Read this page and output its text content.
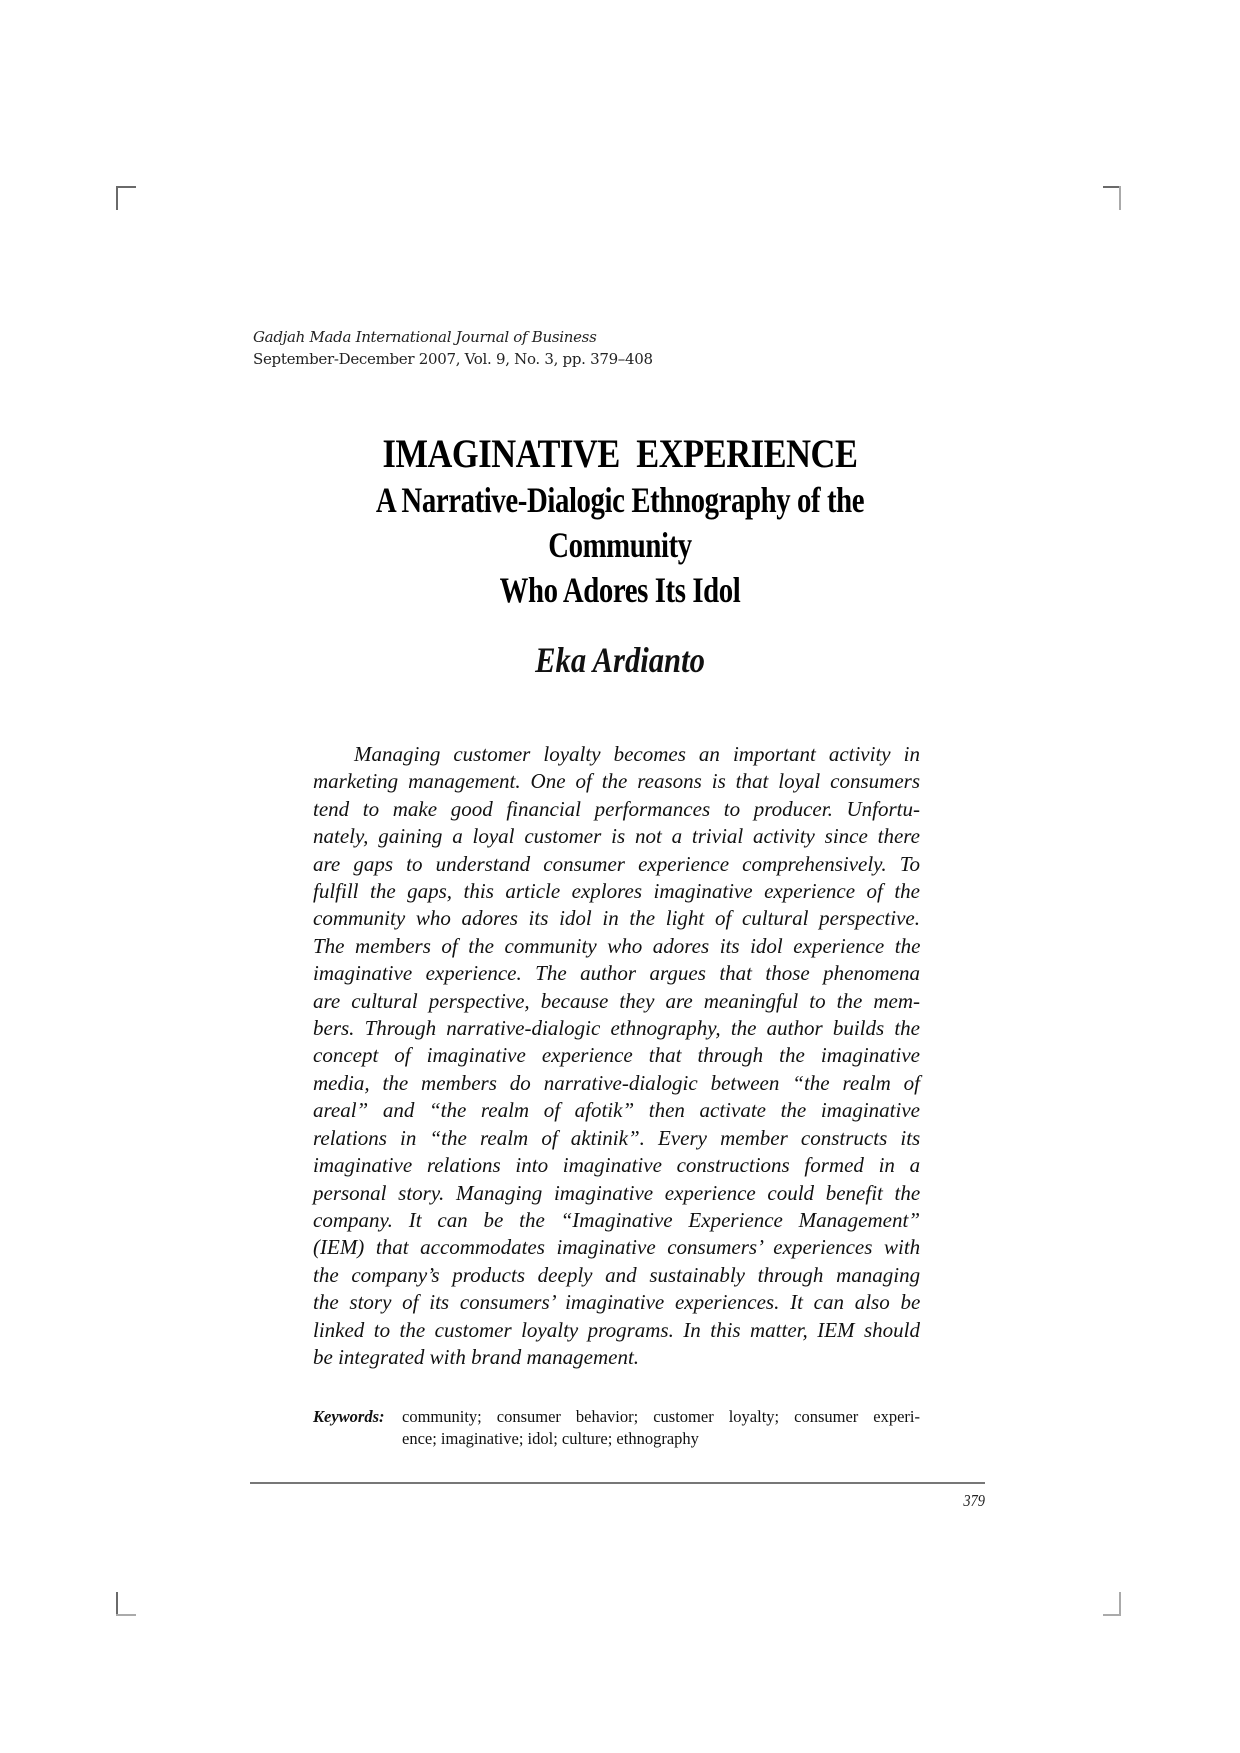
Gadjah Mada International Journal of Business
September-December 2007, Vol. 9, No. 3, pp. 379–408
IMAGINATIVE  EXPERIENCE
A Narrative-Dialogic Ethnography of the Community
Who Adores Its Idol
Eka Ardianto
Managing customer loyalty becomes an important activity in
marketing management. One of the reasons is that loyal consumers
tend to make good financial performances to producer. Unfortu-
nately, gaining a loyal customer is not a trivial activity since there
are gaps to understand consumer experience comprehensively. To
fulfill the gaps, this article explores imaginative experience of the
community who adores its idol in the light of cultural perspective.
The members of the community who adores its idol experience the
imaginative experience. The author argues that those phenomena
are cultural perspective, because they are meaningful to the mem-
bers. Through narrative-dialogic ethnography, the author builds the
concept of imaginative experience that through the imaginative
media, the members do narrative-dialogic between “the realm of
areal” and “the realm of afotik” then activate the imaginative
relations in “the realm of aktinik”. Every member constructs its
imaginative relations into imaginative constructions formed in a
personal story. Managing imaginative experience could benefit the
company. It can be the “Imaginative Experience Management”
(IEM) that accommodates imaginative consumers’ experiences with
the company’s products deeply and sustainably through managing
the story of its consumers’ imaginative experiences. It can also be
linked to the customer loyalty programs. In this matter, IEM should
be integrated with brand management.
Keywords: community; consumer behavior; customer loyalty; consumer experi-
ence; imaginative; idol; culture; ethnography
379
